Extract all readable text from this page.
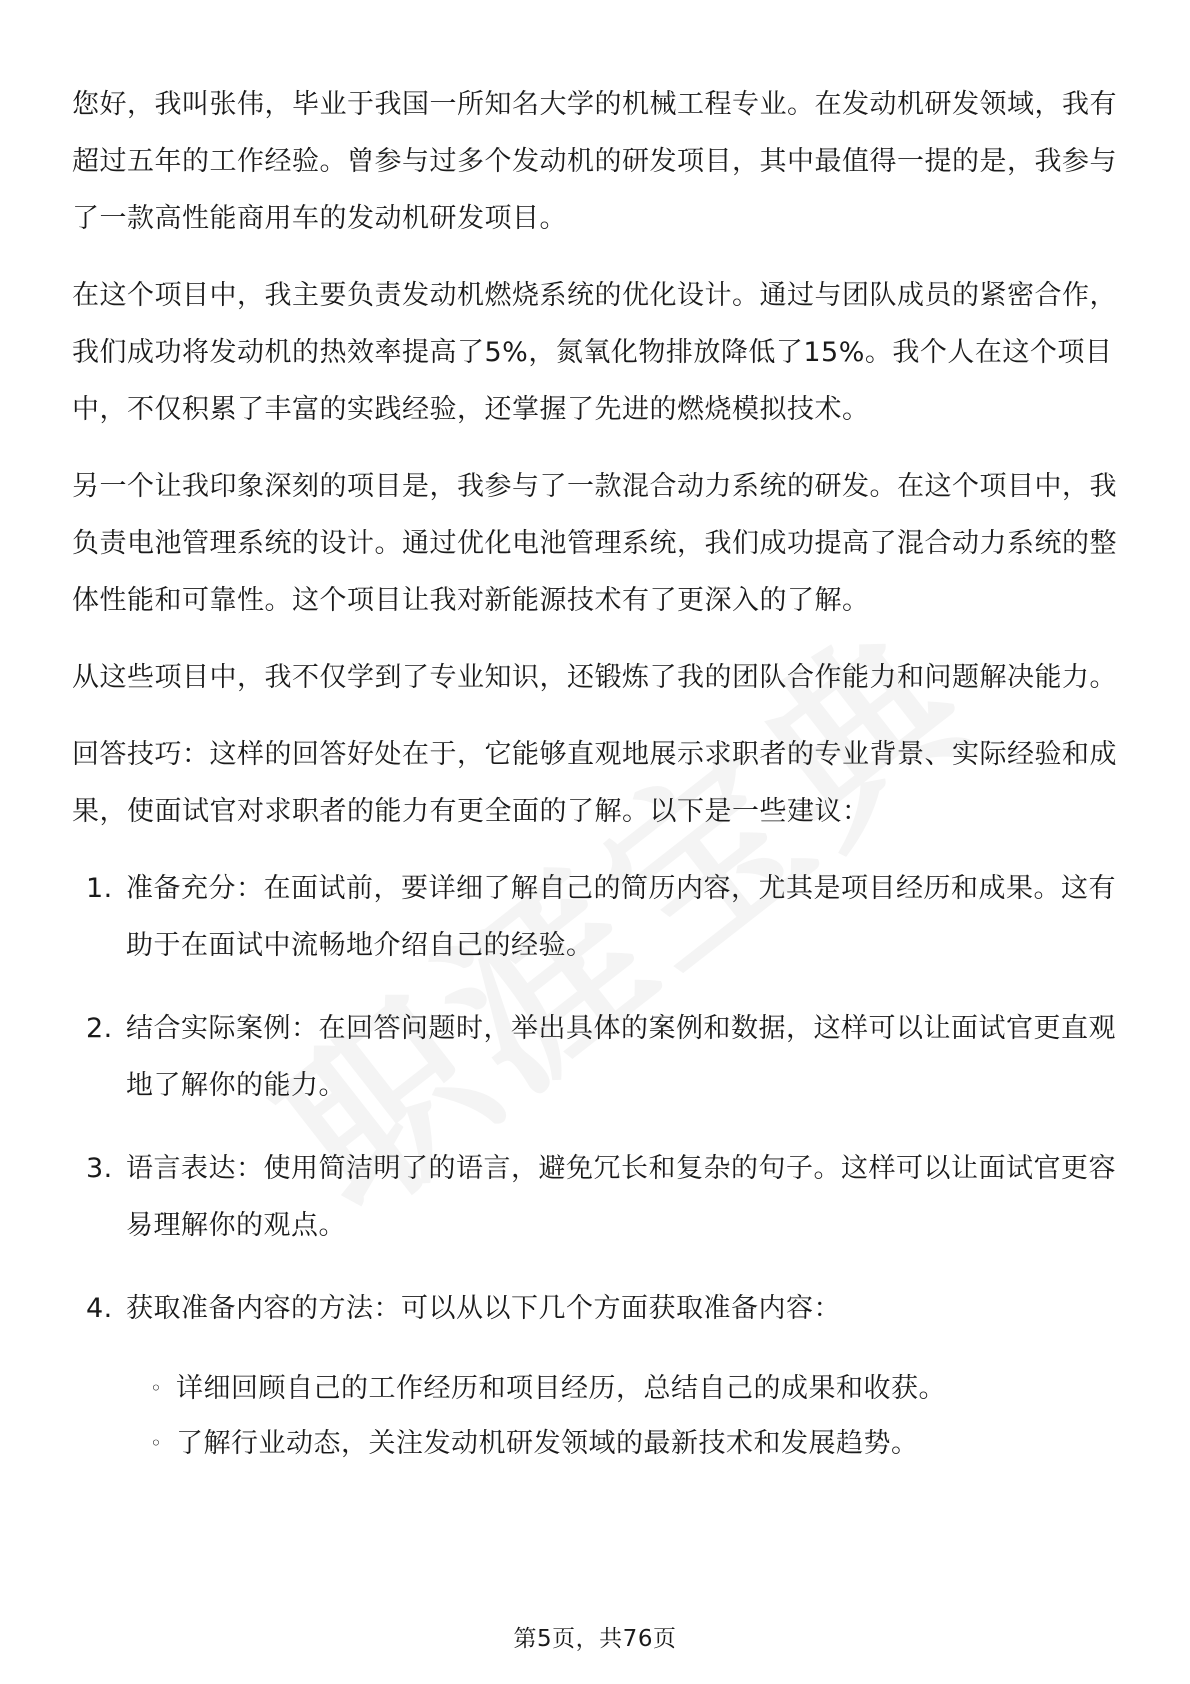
您好，我叫张伟，毕业于我国一所知名大学的机械工程专业。在发动机研发领域，我有超过五年的工作经验。曾参与过多个发动机的研发项目，其中最值得一提的是，我参与了一款高性能商用车的发动机研发项目。

在这个项目中，我主要负责发动机燃烧系统的优化设计。通过与团队成员的紧密合作，我们成功将发动机的热效率提高了5%，氮氧化物排放降低了15%。我个人在这个项目中，不仅积累了丰富的实践经验，还掌握了先进的燃烧模拟技术。

另一个让我印象深刻的项目是，我参与了一款混合动力系统的研发。在这个项目中，我负责电池管理系统的设计。通过优化电池管理系统，我们成功提高了混合动力系统的整体性能和可靠性。这个项目让我对新能源技术有了更深入的了解。

从这些项目中，我不仅学到了专业知识，还锻炼了我的团队合作能力和问题解决能力。

回答技巧：这样的回答好处在于，它能够直观地展示求职者的专业背景、实际经验和成果，使面试官对求职者的能力有更全面的了解。以下是一些建议：

1. 准备充分：在面试前，要详细了解自己的简历内容，尤其是项目经历和成果。这有助于在面试中流畅地介绍自己的经验。
2. 结合实际案例：在回答问题时，举出具体的案例和数据，这样可以让面试官更直观地了解你的能力。
3. 语言表达：使用简洁明了的语言，避免冗长和复杂的句子。这样可以让面试官更容易理解你的观点。
4. 获取准备内容的方法：可以从以下几个方面获取准备内容：
◦ 详细回顾自己的工作经历和项目经历，总结自己的成果和收获。
◦ 了解行业动态，关注发动机研发领域的最新技术和发展趋势。
第5页，共76页
